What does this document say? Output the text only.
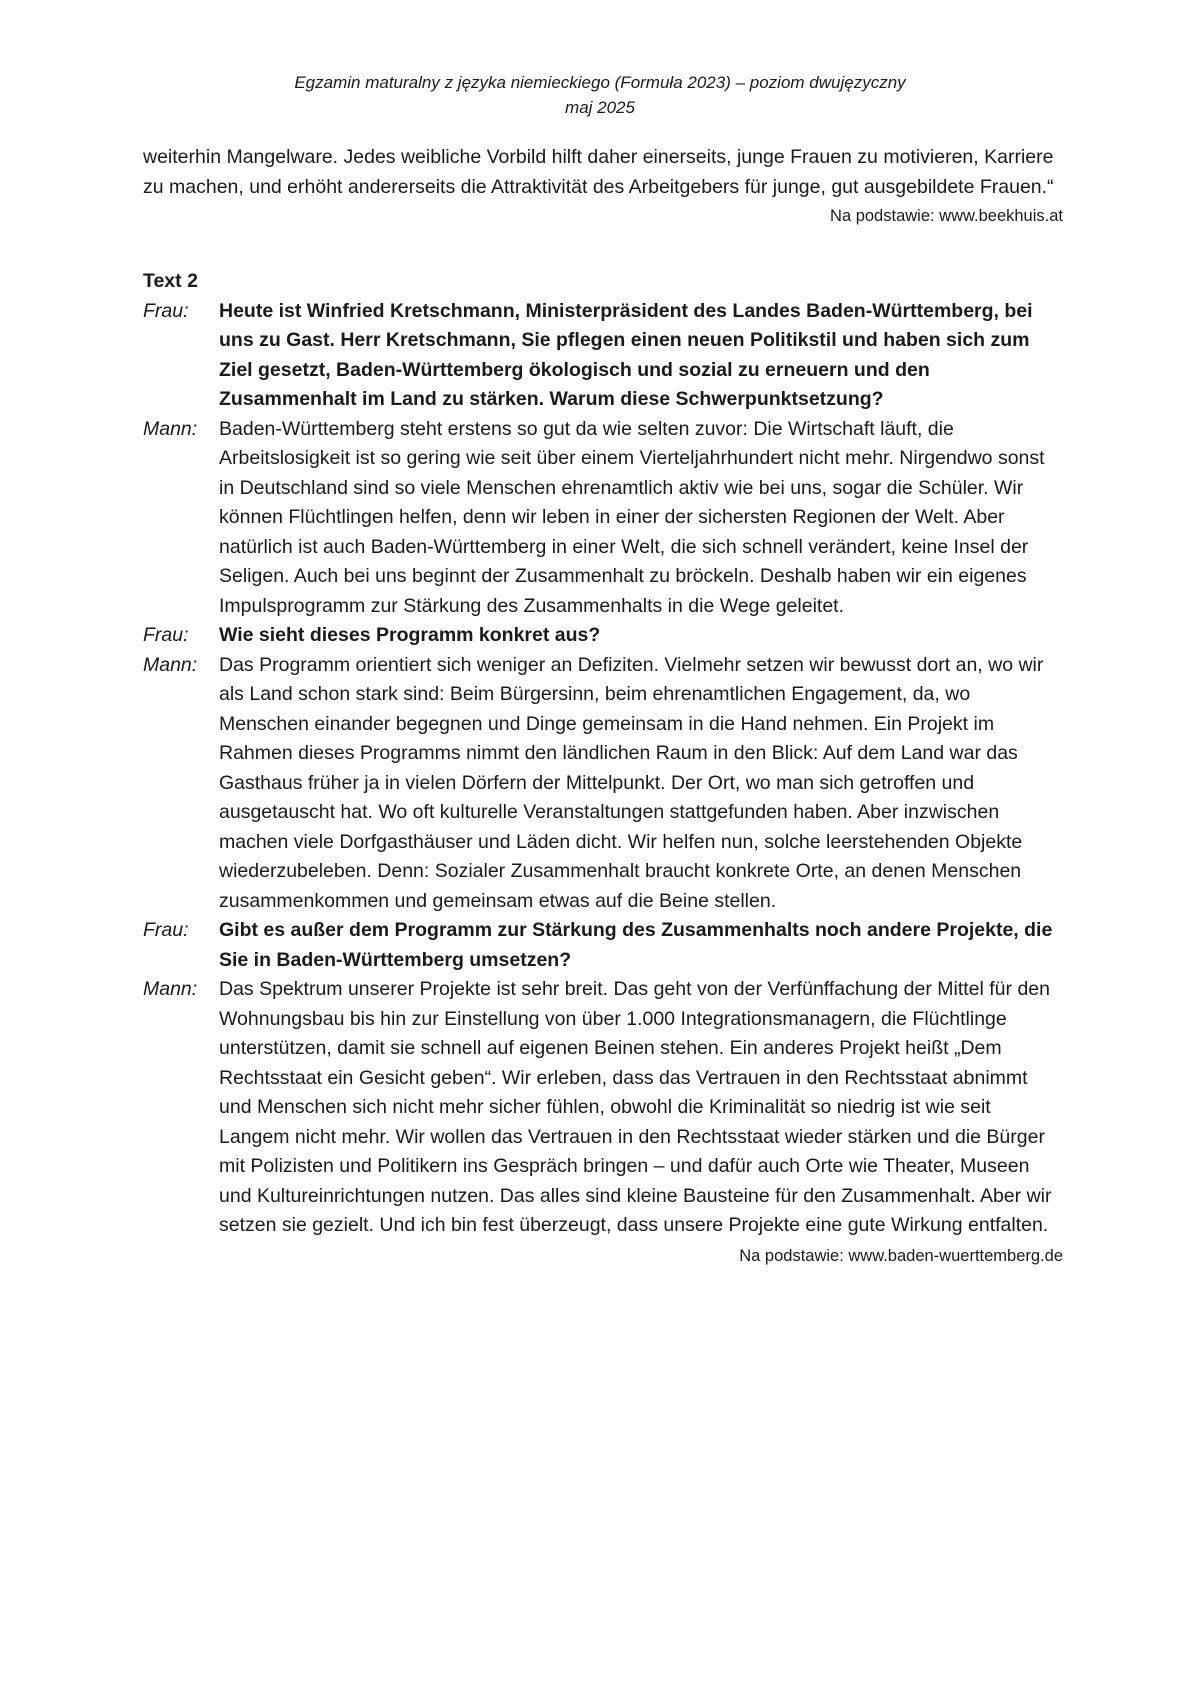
Egzamin maturalny z języka niemieckiego (Formuła 2023) – poziom dwujęzyczny
maj 2025

weiterhin Mangelware. Jedes weibliche Vorbild hilft daher einerseits, junge Frauen zu motivieren, Karriere zu machen, und erhöht andererseits die Attraktivität des Arbeitgebers für junge, gut ausgebildete Frauen.“

Na podstawie: www.beekhuis.at

Text 2

Frau:	Heute ist Winfried Kretschmann, Ministerpräsident des Landes Baden-Württemberg, bei uns zu Gast. Herr Kretschmann, Sie pflegen einen neuen Politikstil und haben sich zum Ziel gesetzt, Baden-Württemberg ökologisch und sozial zu erneuern und den Zusammenhalt im Land zu stärken. Warum diese Schwerpunktsetzung?
Mann:	Baden-Württemberg steht erstens so gut da wie selten zuvor: Die Wirtschaft läuft, die Arbeitslosigkeit ist so gering wie seit über einem Vierteljahrhundert nicht mehr. Nirgendwo sonst in Deutschland sind so viele Menschen ehrenamtlich aktiv wie bei uns, sogar die Schüler. Wir können Flüchtlingen helfen, denn wir leben in einer der sichersten Regionen der Welt. Aber natürlich ist auch Baden-Württemberg in einer Welt, die sich schnell verändert, keine Insel der Seligen. Auch bei uns beginnt der Zusammenhalt zu bröckeln. Deshalb haben wir ein eigenes Impulsprogramm zur Stärkung des Zusammenhalts in die Wege geleitet.
Frau:	Wie sieht dieses Programm konkret aus?
Mann:	Das Programm orientiert sich weniger an Defiziten. Vielmehr setzen wir bewusst dort an, wo wir als Land schon stark sind: Beim Bürgersinn, beim ehrenamtlichen Engagement, da, wo Menschen einander begegnen und Dinge gemeinsam in die Hand nehmen. Ein Projekt im Rahmen dieses Programms nimmt den ländlichen Raum in den Blick: Auf dem Land war das Gasthaus früher ja in vielen Dörfern der Mittelpunkt. Der Ort, wo man sich getroffen und ausgetauscht hat. Wo oft kulturelle Veranstaltungen stattgefunden haben. Aber inzwischen machen viele Dorfgasthäuser und Läden dicht. Wir helfen nun, solche leerstehenden Objekte wiederzubeleben. Denn: Sozialer Zusammenhalt braucht konkrete Orte, an denen Menschen zusammenkommen und gemeinsam etwas auf die Beine stellen.
Frau:	Gibt es außer dem Programm zur Stärkung des Zusammenhalts noch andere Projekte, die Sie in Baden-Württemberg umsetzen?
Mann:	Das Spektrum unserer Projekte ist sehr breit. Das geht von der Verfünffachung der Mittel für den Wohnungsbau bis hin zur Einstellung von über 1.000 Integrationsmanagern, die Flüchtlinge unterstützen, damit sie schnell auf eigenen Beinen stehen. Ein anderes Projekt heißt „Dem Rechtsstaat ein Gesicht geben“. Wir erleben, dass das Vertrauen in den Rechtsstaat abnimmt und Menschen sich nicht mehr sicher fühlen, obwohl die Kriminalität so niedrig ist wie seit Langem nicht mehr. Wir wollen das Vertrauen in den Rechtsstaat wieder stärken und die Bürger mit Polizisten und Politikern ins Gespräch bringen – und dafür auch Orte wie Theater, Museen und Kultureinrichtungen nutzen. Das alles sind kleine Bausteine für den Zusammenhalt. Aber wir setzen sie gezielt. Und ich bin fest überzeugt, dass unsere Projekte eine gute Wirkung entfalten.

Na podstawie: www.baden-wuerttemberg.de
